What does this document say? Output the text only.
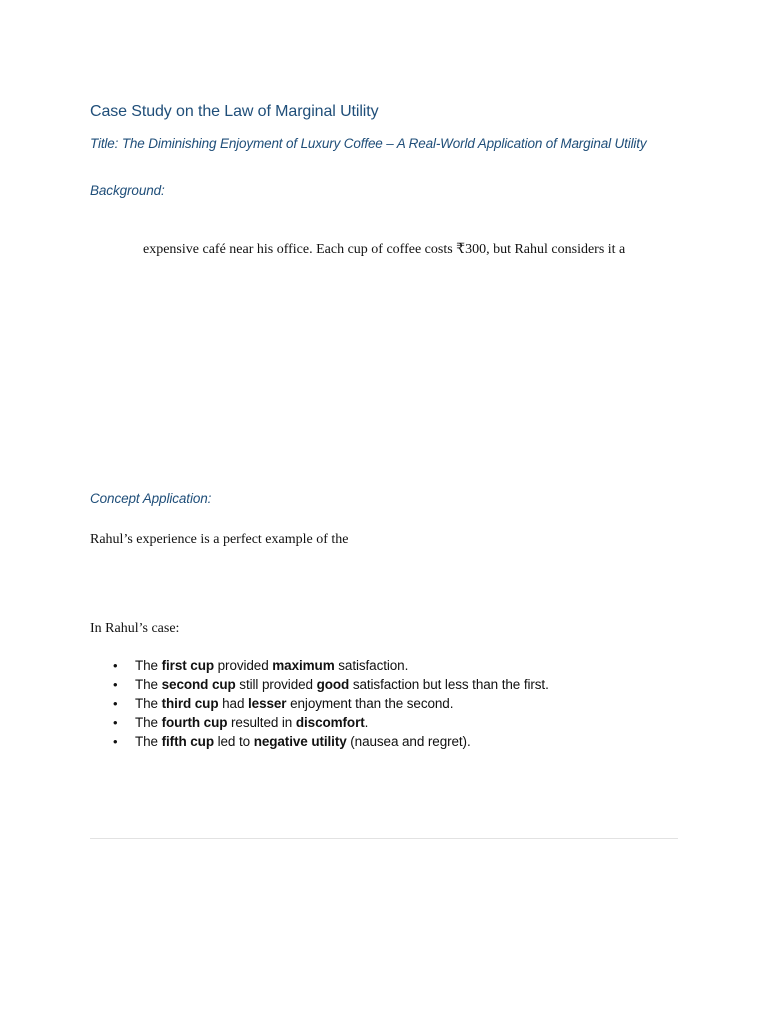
Case Study on the Law of Marginal Utility

Title: The Diminishing Enjoyment of Luxury Coffee – A Real-World Application of Marginal Utility

Background:

expensive café near his office. Each cup of coffee costs ₹300, but Rahul considers it a

Concept Application:

Rahul’s experience is a perfect example of the

In Rahul’s case:

• The first cup provided maximum satisfaction.
• The second cup still provided good satisfaction but less than the first.
• The third cup had lesser enjoyment than the second.
• The fourth cup resulted in discomfort.
• The fifth cup led to negative utility (nausea and regret).
